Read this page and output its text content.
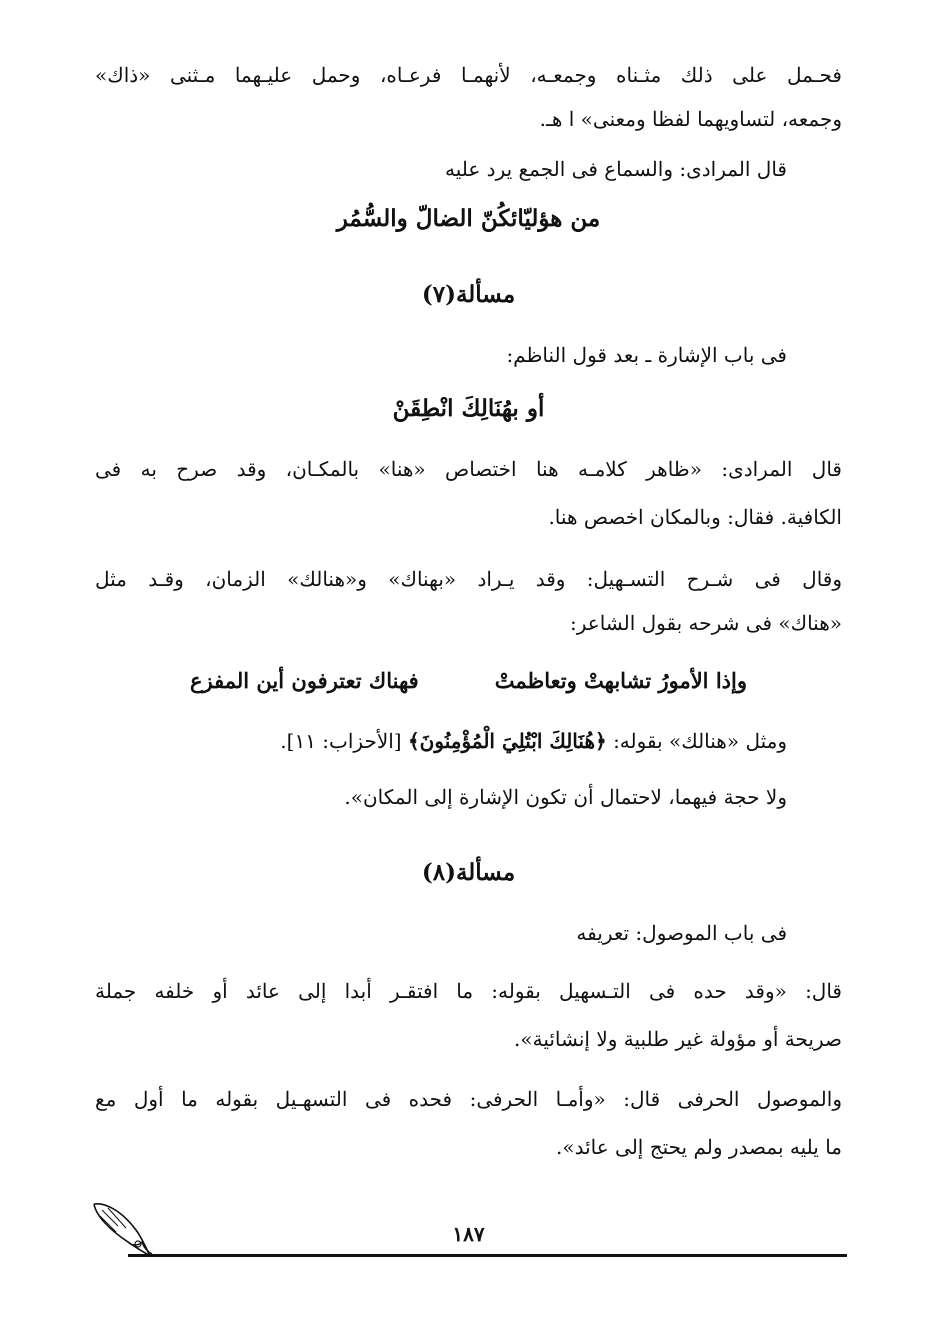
فحـمل على ذلك مثـناه وجمعـه، لأنهمـا فرعـاه، وحمل عليـهما مـثنى «ذاك»
وجمعه، لتساويهما لفظا ومعنى» ا هـ.
قال المرادى: والسماع فى الجمع يرد عليه
من هؤليّائكُنّ الضالّ والسُّمُر
مسألة(٧)
فى باب الإشارة ـ بعد قول الناظم:
أو بهُنَالِكَ انْطِقَنْ
قال المرادى: «ظاهر كلامـه هنا اختصاص «هنا» بالمكـان، وقد صرح به فى
الكافية. فقال: وبالمكان اخصص هنا.
وقال فى شـرح التسـهيل: وقد يـراد «بهناك» و«هنالك» الزمان، وقـد مثل
«هناك» فى شرحه بقول الشاعر:
وإذا الأمورُ تشابهتْ وتعاظمتْ
فهناك تعترفون أين المفزع
ومثل «هنالك» بقوله: ﴿هُنَالِكَ ابْتُلِيَ الْمُؤْمِنُونَ﴾ [الأحزاب: ١١].
ولا حجة فيهما، لاحتمال أن تكون الإشارة إلى المكان».
مسألة(٨)
فى باب الموصول: تعريفه
قال: «وقد حده فى التـسهيل بقوله: ما افتقـر أبدا إلى عائد أو خلفه جملة
صريحة أو مؤولة غير طلبية ولا إنشائية».
والموصول الحرفى قال: «وأمـا الحرفى: فحده فى التسهـيل بقوله ما أول مع
ما يليه بمصدر ولم يحتج إلى عائد».
١٨٧
